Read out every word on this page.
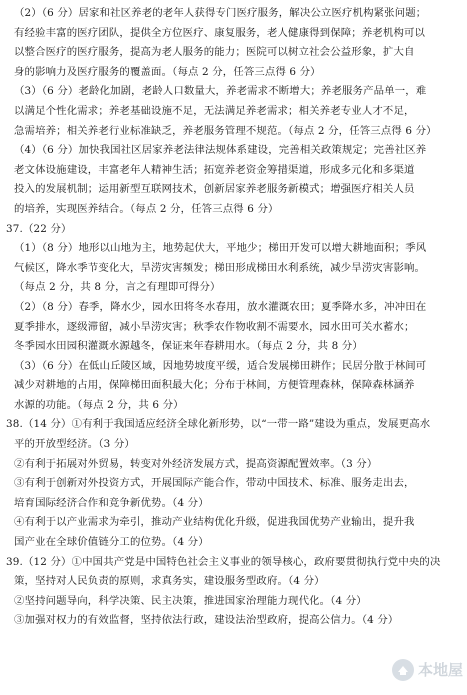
（2）（6 分）居家和社区养老的老年人获得专门医疗服务，解决公立医疗机构紧张问题；
有经验丰富的医疗团队，提供全方位医疗、康复服务，老人健康得到保障；养老机构可以
以整合医疗的医疗服务，提高为老人服务的能力；医院可以树立社会公益形象，扩大自
身的影响力及医疗服务的覆盖面。（每点 2 分，任答三点得 6 分）
（3）（6 分）老龄化加剧，老龄人口数量大，养老需求不断增大；养老服务产品单一，难
以满足个性化需求；养老基础设施不足，无法满足养老需求；相关养老专业人才不足，
急需培养；相关养老行业标准缺乏，养老服务管理不规范。（每点 2 分，任答三点得 6 分）
（4）（6 分）加快我国社区居家养老法律法规体系建设，完善相关政策规定；完善社区养
老文体设施建设，丰富老年人精神生活；拓宽养老资金筹措渠道，形成多元化和多渠道
投入的发展机制；运用新型互联网技术，创新居家养老服务新模式；增强医疗相关人员
的培养，实现医养结合。（每点 2 分，任答三点得 6 分）
37.（22 分）
（1）（8 分）地形以山地为主，地势起伏大，平地少；梯田开发可以增大耕地面积；季风
气候区，降水季节变化大，旱涝灾害频发；梯田形成梯田水利系统，减少旱涝灾害影响。
（每点 2 分，共 8 分，言之有理即可得分）
（2）（8 分）春季，降水少，园水田将冬水春用，放水灌溉农田；夏季降水多，冲冲田在
夏季排水，逐级滞留，减小旱涝灾害；秋季农作物收割不需要水，园水田可关水蓄水；
冬季园水田园积灌溉水源越冬，保证来年春耕用水。（每点 2 分，共 8 分）
（3）（6 分）在低山丘陵区域，因地势坡度平缓，适合发展梯田耕作；民居分散于林间可
减少对耕地的占用，保障梯田面积最大化；分布于林间，方便管理森林，保障森林涵养
水源的功能。（每点 2 分，共 6 分）
38.（14 分）①有利于我国适应经济全球化新形势，以“一带一路”建设为重点，发展更高水
平的开放型经济。（3 分）
②有利于拓展对外贸易，转变对外经济发展方式，提高资源配置效率。（3 分）
③有利于创新对外投资方式，开展国际产能合作，带动中国技术、标准、服务走出去，
培育国际经济合作和竞争新优势。（4 分）
④有利于以产业需求为牵引，推动产业结构优化升级，促进我国优势产业输出，提升我
国产业在全球价值链分工的位势。（4 分）
39.（12 分）①中国共产党是中国特色社会主义事业的领导核心，政府要贯彻执行党中央的决
策，坚持对人民负责的原则，求真务实，建设服务型政府。（4 分）
②坚持问题导向，科学决策、民主决策，推进国家治理能力现代化。（4 分）
③加强对权力的有效监督，坚持依法行政，建设法治型政府，提高公信力。（4 分）
本地屋
